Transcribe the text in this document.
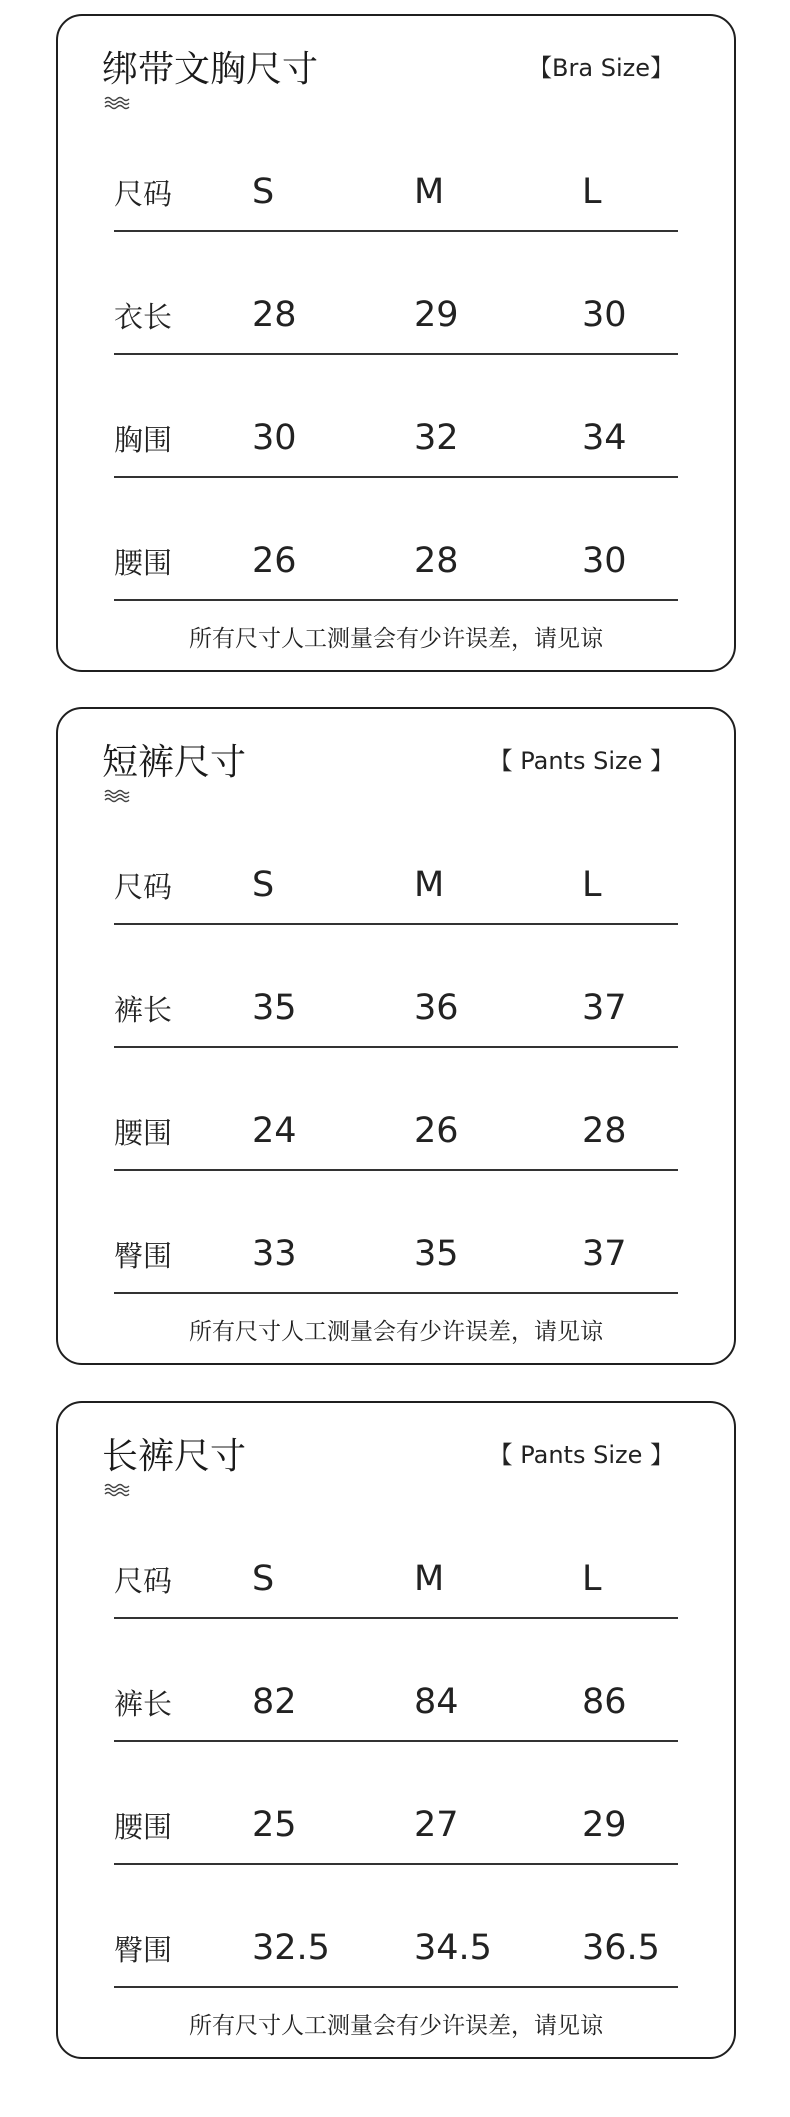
绑带文胸尺寸	【Bra Size】
尺码 S	M	L
衣长 28	29	30
胸围 30	32	34
腰围 26	28	30
所有尺寸人工测量会有少许误差，请见谅
短裤尺寸	【 Pants Size 】
尺码 S	M	L
裤长 35	36	37
腰围 24	26	28
臀围 33	35	37
所有尺寸人工测量会有少许误差，请见谅
长裤尺寸	【 Pants Size 】
尺码 S	M	L
裤长 82	84	86
腰围 25	27	29
臀围 32.5 34.5	36.5
所有尺寸人工测量会有少许误差，请见谅
